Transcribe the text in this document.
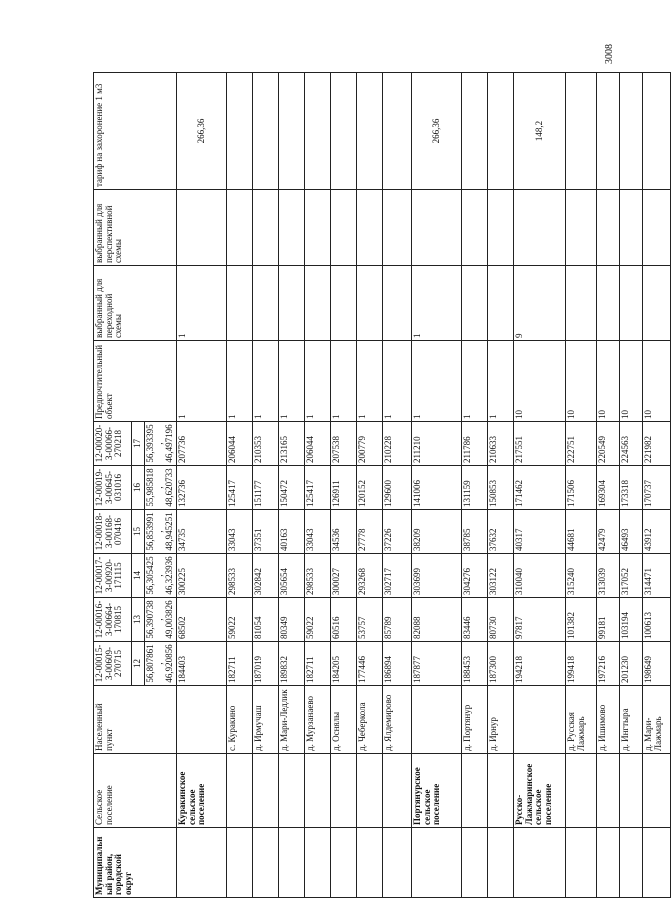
3008
Муниципальный район, городской округ	Сельское поселение	Населенный пункт	12-00015-З-00609-270715	12-00016-З-00664-170815	12-00017-З-00920-171115	12-00018-З-00168-070416	12-00019-З-00645-031016	12-00020-З-00066-270218	Предпочтительный объект	выбранный для переходной схемы	выбранный для перспективной схемы	тариф на захоронение 1 м3
			12	13	14	15	16	17				
			56,807861, 46,920856	56,390738, 49,003826	56,305425, 46,323936	56,853991, 48,945251	55,985818, 48,620733	56,393395, 46,497196				
	Куракинское сельское поселение		184403	68502	300225	34735	132736	207736	1	1		266,36
		с. Куракино	182711	59022	298533	33043	125417	206044	1			
		д. Ирмучаш	187019	81054	302842	37351	151177	210353	1			
		д. Мари-Ледлик	189832	80349	305654	40163	150472	213165	1			
		д. Мурзанаево	182711	59022	298533	33043	125417	206044	1			
		д. Оснялы	184205	60516	300027	34536	126911	207538	1			
		д. Чеберкола	177446	53757	293268	27778	120152	200779	1			
		д. Ялдемирово	186894	85789	302717	37226	129600	210228	1			
	Портянурское сельское поселение		187877	82088	303699	38209	141006	211210	1	1		266,36
		д. Портянур	188453	83446	304276	38785	131159	211786	1			
		д. Ирнур	187300	80730	303122	37632	150853	210633	1			
	Русско-Лажмаринское сельское поселение		194218	97817	310040	40317	171462	217551	10	9		148,2
		д. Русская Лажмарь	199418	101382	315240	44681	171506	222751	10			
		д. Ишимово	197216	99181	313039	42479	169304	220549	10			
		д. Ингтыра	201230	103194	317052	46493	173318	224563	10			
		д. Мари-Лажмарь	198649	100613	314471	43912	170737	221982	10			
